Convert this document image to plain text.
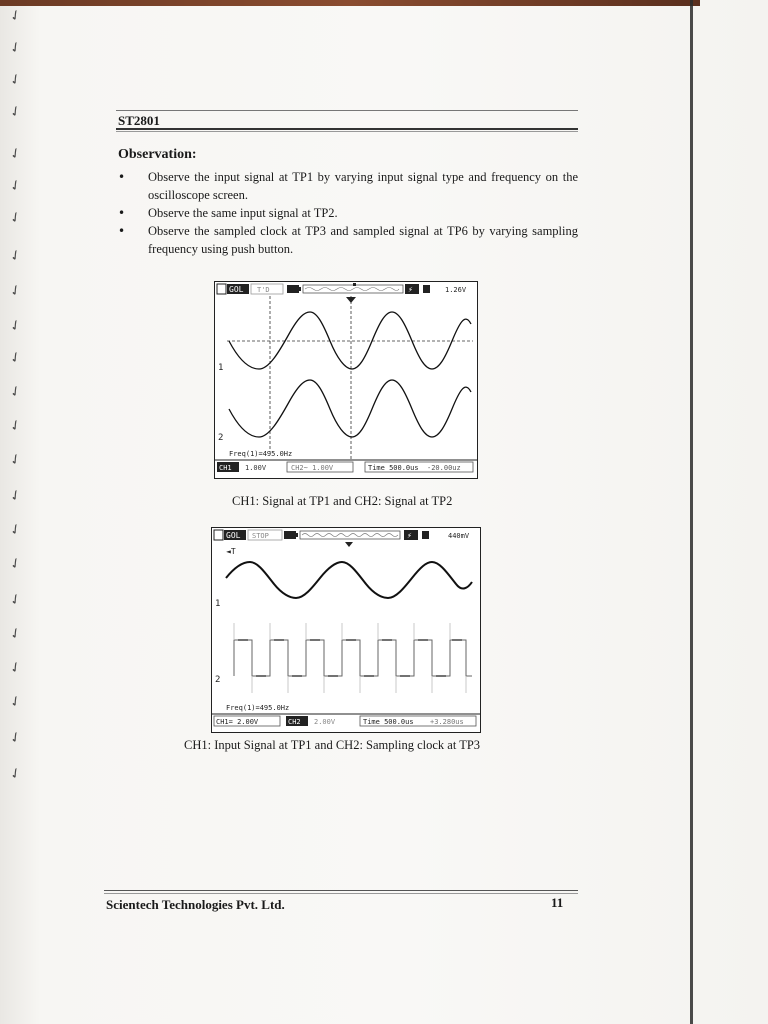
✓
✓
✓
✓
✓
✓
✓
✓
✓
✓
✓
✓
✓
✓
✓
✓
✓
✓
✓
✓
✓
✓
✓
ST2801
Observation:
• Observe the input signal at TP1 by varying input signal type and frequency on the oscilloscope screen.
• Observe the same input signal at TP2.
• Observe the sampled clock at TP3 and sampled signal at TP6 by varying sampling frequency using push button.
GOL T'D	⚡	1.26V
1
2
Freq(1)=495.0Hz
CH1 1.00V	CH2~ 1.00V	Time 500.0us -20.00uz
CH1: Signal at TP1 and CH2: Signal at TP2
GOL STOP	⚡	440mV
◄T
1
2
Freq(1)=495.0Hz
CH1= 2.00V	CH2 2.00V	Time 500.0us +3.280us
CH1: Input Signal at TP1 and CH2: Sampling clock at TP3
Scientech Technologies Pvt. Ltd.	11
